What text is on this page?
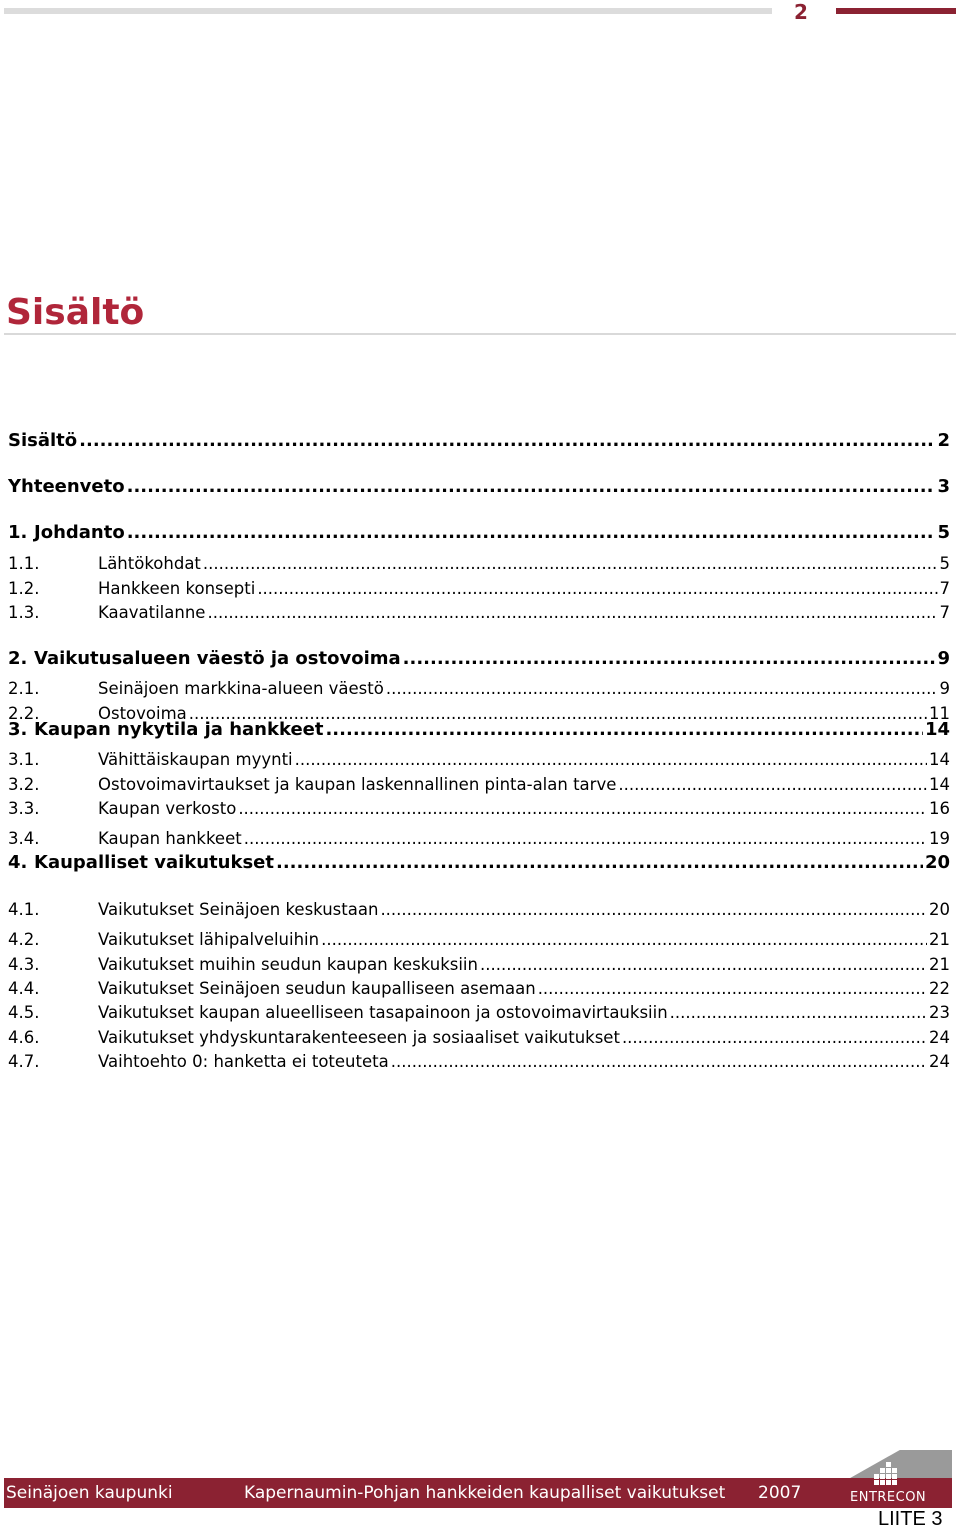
2
Sisältö
Sisältö .....	2
Yhteenveto .....	3
1. Johdanto .....	5
1.1.	Lähtökohdat .....	5
1.2.	Hankkeen konsepti .....	7
1.3.	Kaavatilanne .....	7
2. Vaikutusalueen väestö ja ostovoima .....	9
2.1.	Seinäjoen markkina-alueen väestö .....	9
2.2.	Ostovoima .....	11
3. Kaupan nykytila ja hankkeet .....	14
3.1.	Vähittäiskaupan myynti .....	14
3.2.	Ostovoimavirtaukset ja kaupan laskennallinen pinta-alan tarve .....	14
3.3.	Kaupan verkosto .....	16
3.4.	Kaupan hankkeet .....	19
4. Kaupalliset vaikutukset .....	20
4.1.	Vaikutukset Seinäjoen keskustaan .....	20
4.2.	Vaikutukset lähipalveluihin .....	21
4.3.	Vaikutukset muihin seudun kaupan keskuksiin .....	21
4.4.	Vaikutukset Seinäjoen seudun kaupalliseen asemaan .....	22
4.5.	Vaikutukset kaupan alueelliseen tasapainoon ja ostovoimavirtauksiin .....	23
4.6.	Vaikutukset yhdyskuntarakenteeseen ja sosiaaliset vaikutukset .....	24
4.7.	Vaihtoehto 0: hanketta ei toteuteta .....	24
Seinäjoen kaupunki	Kapernaumin-Pohjan hankkeiden kaupalliset vaikutukset 2007	ENTRECON
LIITE 3
